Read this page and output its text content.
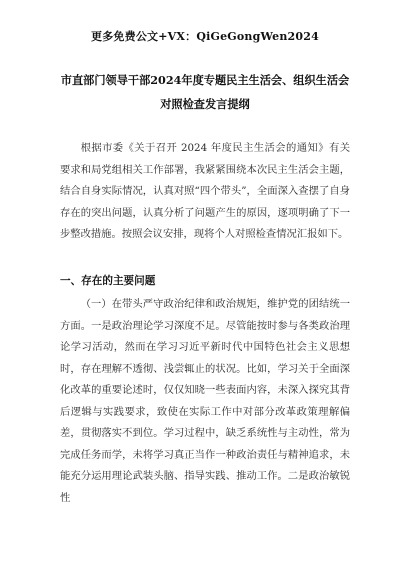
更多免费公文+VX：QiGeGongWen2024
市直部门领导干部2024年度专题民主生活会、组织生活会
对照检查发言提纲
根据市委《关于召开 2024 年度民主生活会的通知》有关要求和局党组相关工作部署，我紧紧围绕本次民主生活会主题，结合自身实际情况，认真对照“四个带头”，全面深入查摆了自身存在的突出问题，认真分析了问题产生的原因，逐项明确了下一步整改措施。按照会议安排，现将个人对照检查情况汇报如下。
一、存在的主要问题
（一）在带头严守政治纪律和政治规矩，维护党的团结统一方面。一是政治理论学习深度不足。尽管能按时参与各类政治理论学习活动，然而在学习习近平新时代中国特色社会主义思想时，存在理解不透彻、浅尝辄止的状况。比如，学习关于全面深化改革的重要论述时，仅仅知晓一些表面内容，未深入探究其背后逻辑与实践要求，致使在实际工作中对部分改革政策理解偏差，贯彻落实不到位。学习过程中，缺乏系统性与主动性，常为完成任务而学，未将学习真正当作一种政治责任与精神追求，未能充分运用理论武装头脑、指导实践、推动工作。二是政治敏锐性
